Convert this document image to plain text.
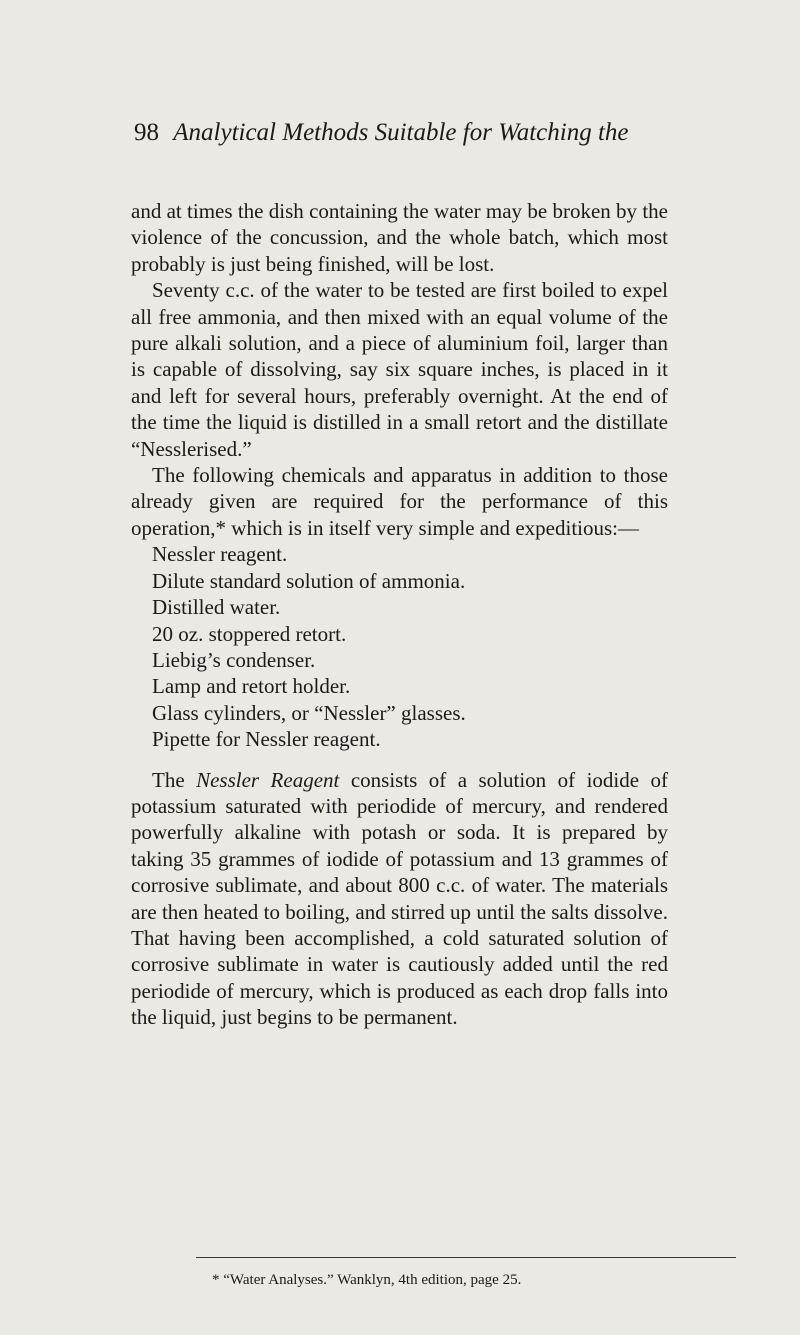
98 Analytical Methods Suitable for Watching the

and at times the dish containing the water may be broken by the violence of the concussion, and the whole batch, which most probably is just being finished, will be lost.

Seventy c.c. of the water to be tested are first boiled to expel all free ammonia, and then mixed with an equal volume of the pure alkali solution, and a piece of aluminium foil, larger than is capable of dissolving, say six square inches, is placed in it and left for several hours, preferably overnight. At the end of the time the liquid is distilled in a small retort and the distillate “Nesslerised.”

The following chemicals and apparatus in addition to those already given are required for the performance of this operation,* which is in itself very simple and expeditious:—

Nessler reagent.
Dilute standard solution of ammonia.
Distilled water.
20 oz. stoppered retort.
Liebig’s condenser.
Lamp and retort holder.
Glass cylinders, or “Nessler” glasses.
Pipette for Nessler reagent.

The Nessler Reagent consists of a solution of iodide of potassium saturated with periodide of mercury, and rendered powerfully alkaline with potash or soda. It is prepared by taking 35 grammes of iodide of potassium and 13 grammes of corrosive sublimate, and about 800 c.c. of water. The materials are then heated to boiling, and stirred up until the salts dissolve. That having been accomplished, a cold saturated solution of corrosive sublimate in water is cautiously added until the red periodide of mercury, which is produced as each drop falls into the liquid, just begins to be permanent.

* “Water Analyses.” Wanklyn, 4th edition, page 25.
